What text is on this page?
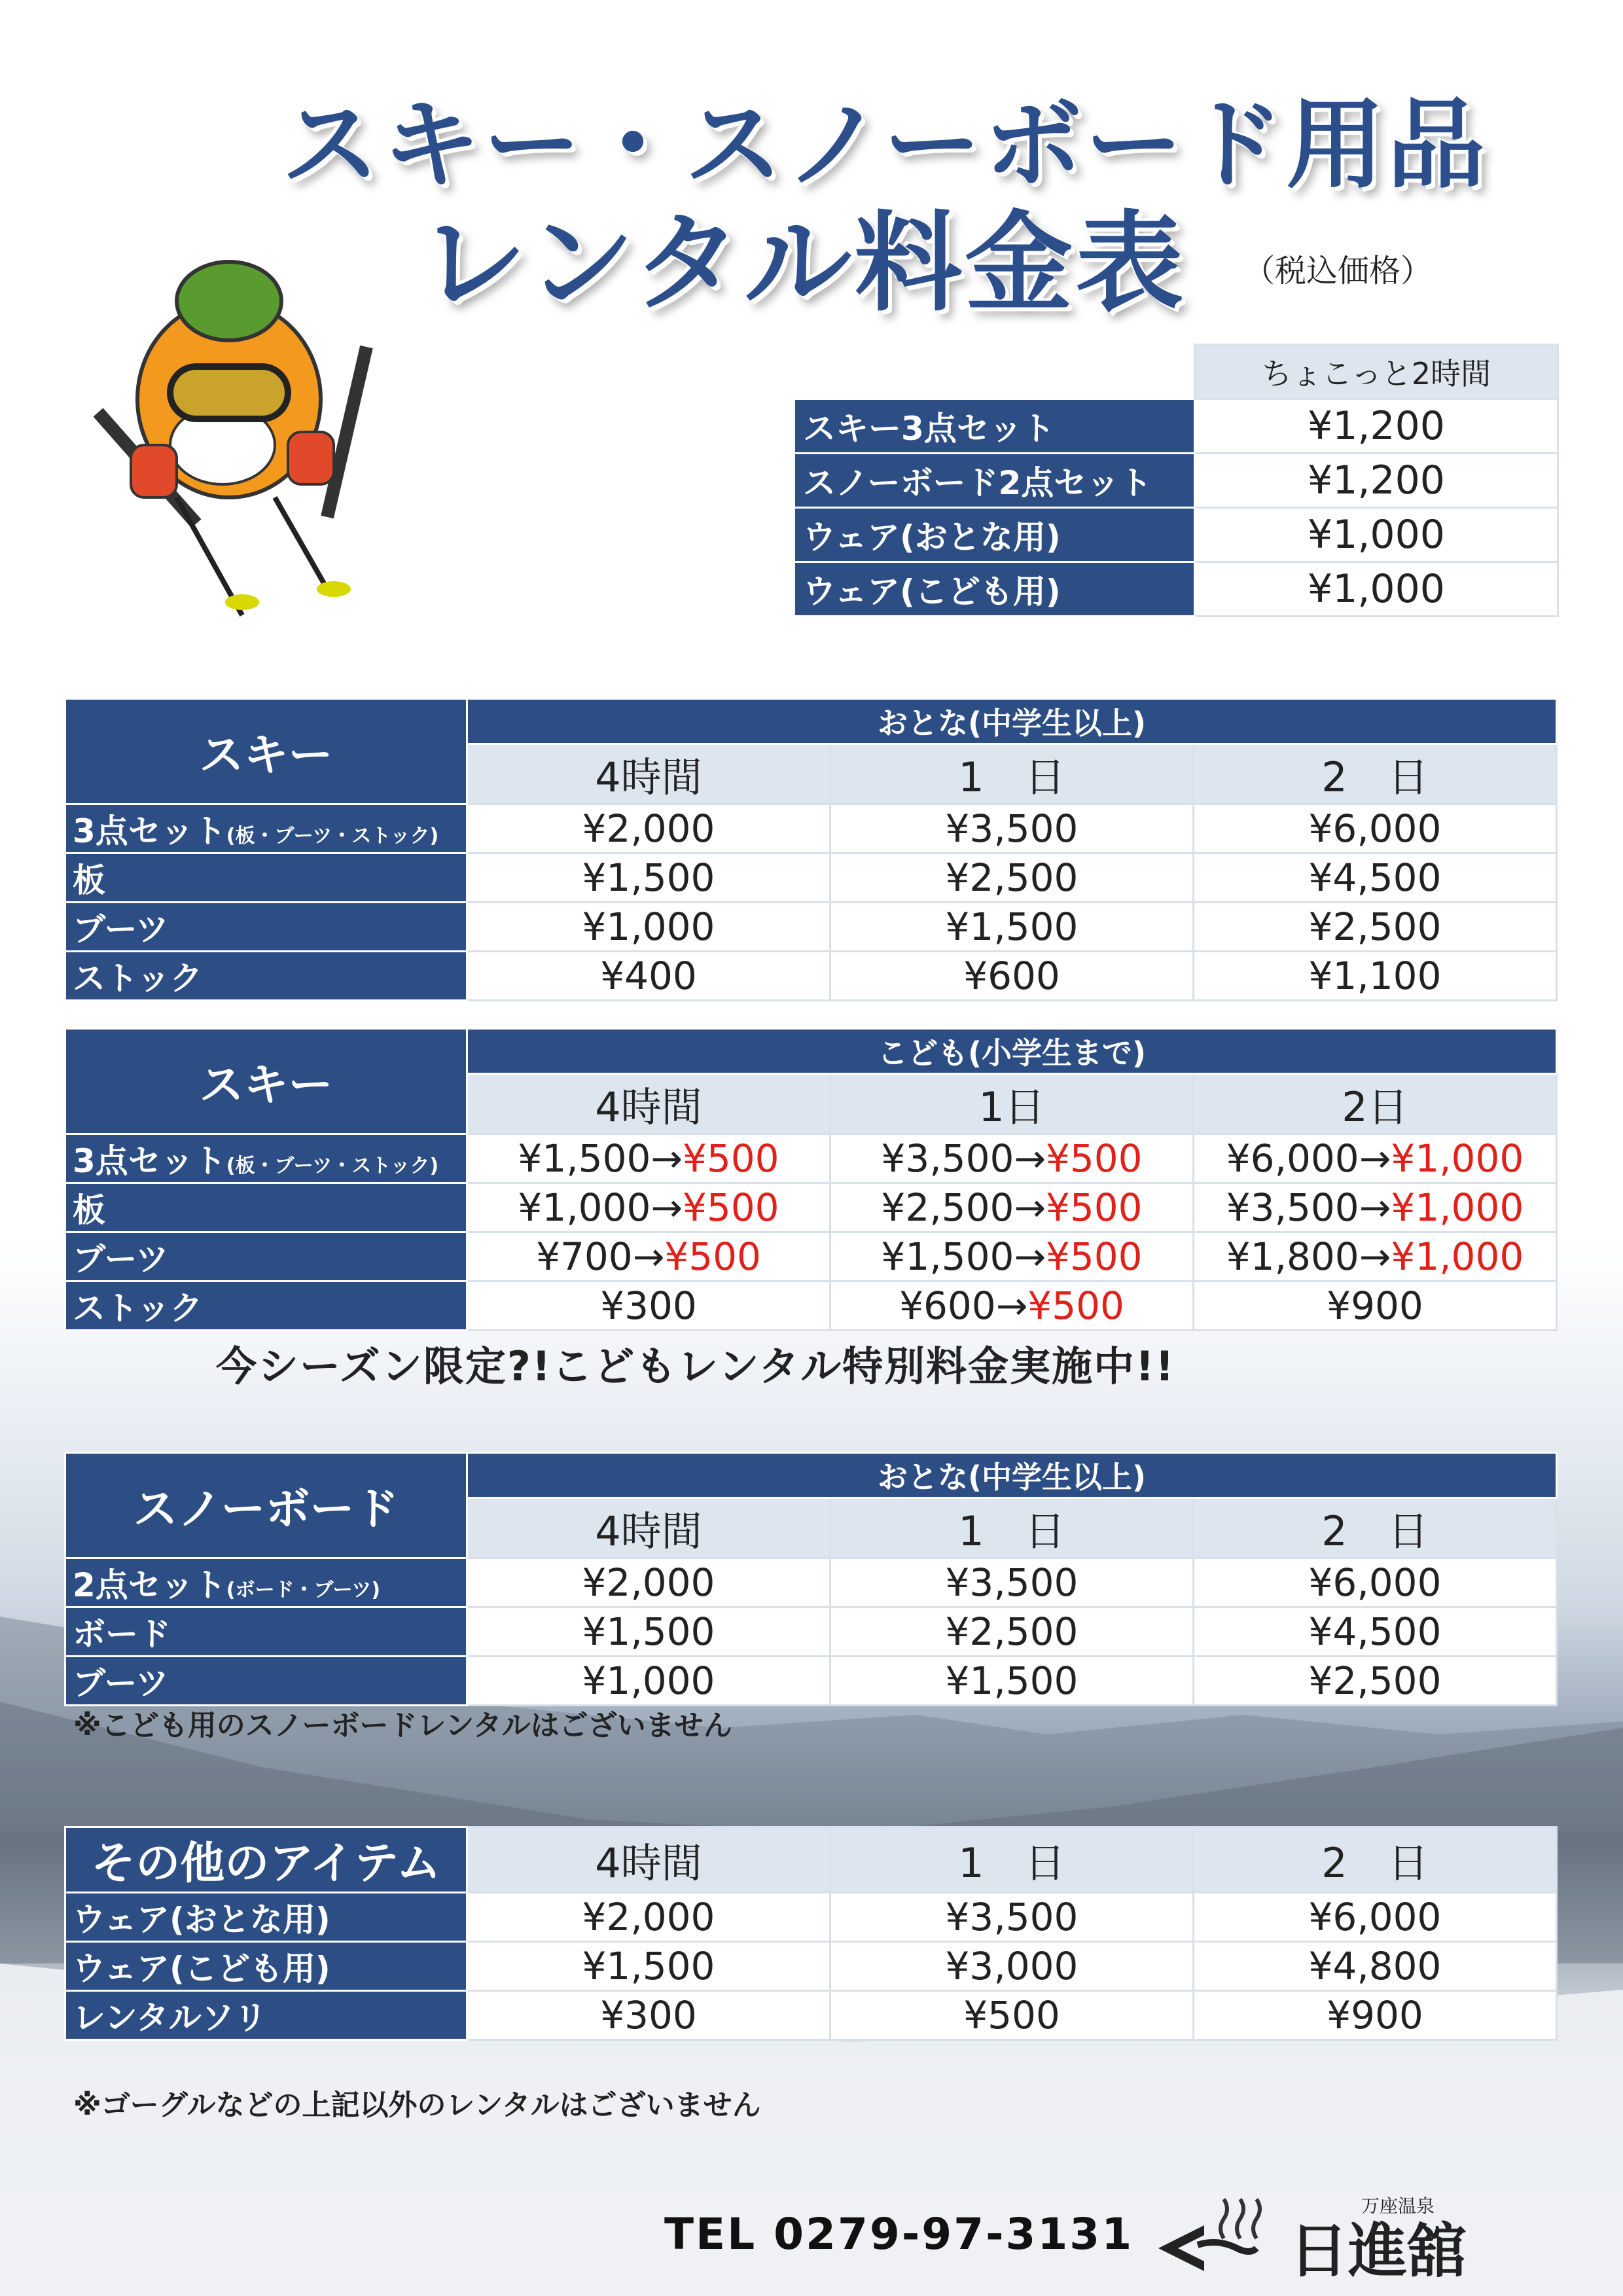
スキー・スノーボード用品
レンタル料金表 （税込価格）
	ちょこっと2時間
スキー3点セット	¥1,200
スノーボード2点セット	¥1,200
ウェア(おとな用)	¥1,000
ウェア(こども用)	¥1,000
スキー	おとな(中学生以上)		
	4時間	1　日	2　日
3点セット(板・ブーツ・ストック)	¥2,000	¥3,500	¥6,000
板	¥1,500	¥2,500	¥4,500
ブーツ	¥1,000	¥1,500	¥2,500
ストック	¥400	¥600	¥1,100
スキー	こども(小学生まで)		
	4時間	1日	2日
3点セット(板・ブーツ・ストック)	¥1,500→¥500	¥3,500→¥500	¥6,000→¥1,000
板	¥1,000→¥500	¥2,500→¥500	¥3,500→¥1,000
ブーツ	¥700→¥500	¥1,500→¥500	¥1,800→¥1,000
ストック	¥300	¥600→¥500	¥900
今シーズン限定?!こどもレンタル特別料金実施中!!
スノーボード	おとな(中学生以上)		
	4時間	1　日	2　日
2点セット(ボード・ブーツ)	¥2,000	¥3,500	¥6,000
ボード	¥1,500	¥2,500	¥4,500
ブーツ	¥1,000	¥1,500	¥2,500
※こども用のスノーボードレンタルはございません
その他のアイテム	4時間	1　日	2　日
ウェア(おとな用)	¥2,000	¥3,500	¥6,000
ウェア(こども用)	¥1,500	¥3,000	¥4,800
レンタルソリ	¥300	¥500	¥900
※ゴーグルなどの上記以外のレンタルはございません
TEL 0279-97-3131
万座温泉
日進舘
